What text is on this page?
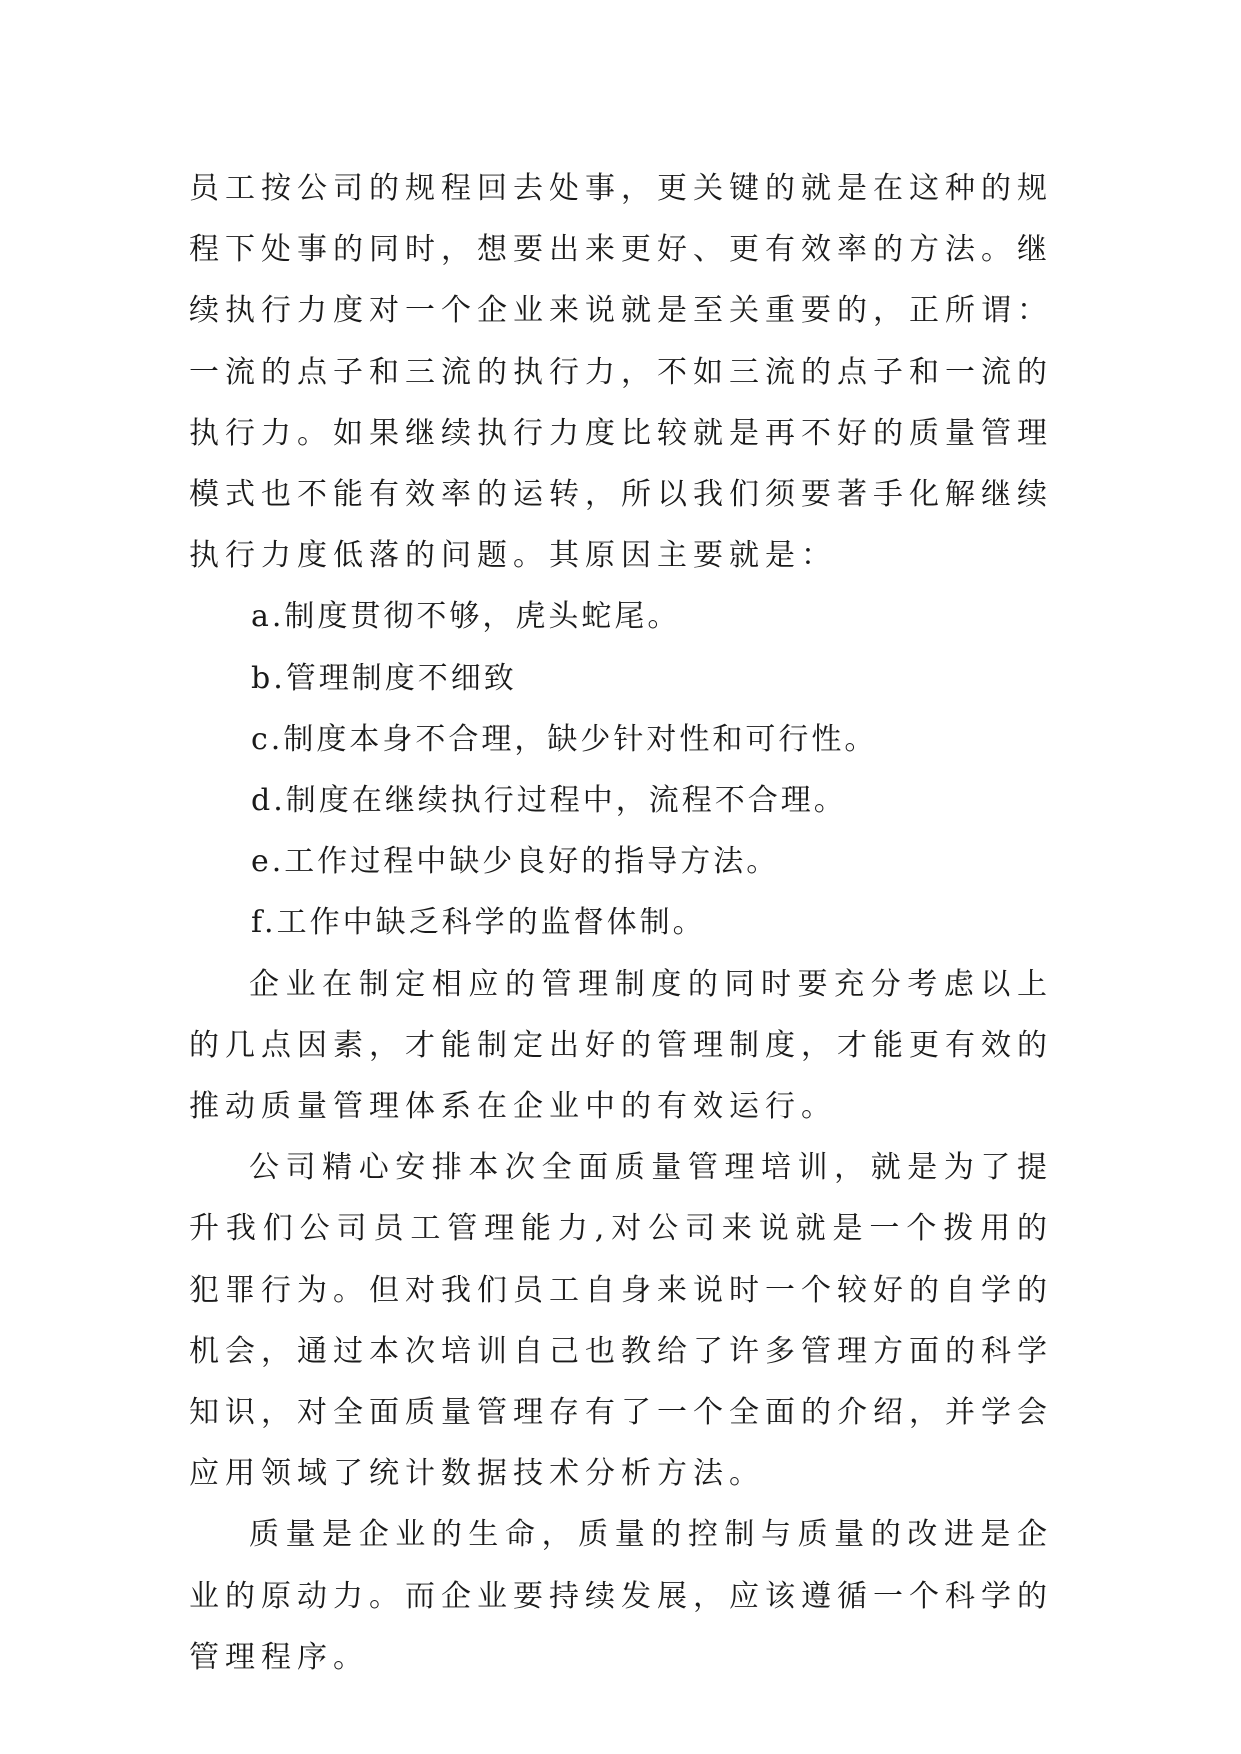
员工按公司的规程回去处事，更关键的就是在这种的规程下处事的同时，想要出来更好、更有效率的方法。继续执行力度对一个企业来说就是至关重要的，正所谓：一流的点子和三流的执行力，不如三流的点子和一流的执行力。如果继续执行力度比较就是再不好的质量管理模式也不能有效率的运转，所以我们须要著手化解继续执行力度低落的问题。其原因主要就是：

a.制度贯彻不够，虎头蛇尾。

b.管理制度不细致

c.制度本身不合理，缺少针对性和可行性。

d.制度在继续执行过程中，流程不合理。

e.工作过程中缺少良好的指导方法。

f.工作中缺乏科学的监督体制。

企业在制定相应的管理制度的同时要充分考虑以上的几点因素，才能制定出好的管理制度，才能更有效的推动质量管理体系在企业中的有效运行。

公司精心安排本次全面质量管理培训，就是为了提升我们公司员工管理能力,对公司来说就是一个拨用的犯罪行为。但对我们员工自身来说时一个较好的自学的机会，通过本次培训自己也教给了许多管理方面的科学知识，对全面质量管理存有了一个全面的介绍，并学会应用领域了统计数据技术分析方法。

质量是企业的生命，质量的控制与质量的改进是企业的原动力。而企业要持续发展，应该遵循一个科学的管理程序。
